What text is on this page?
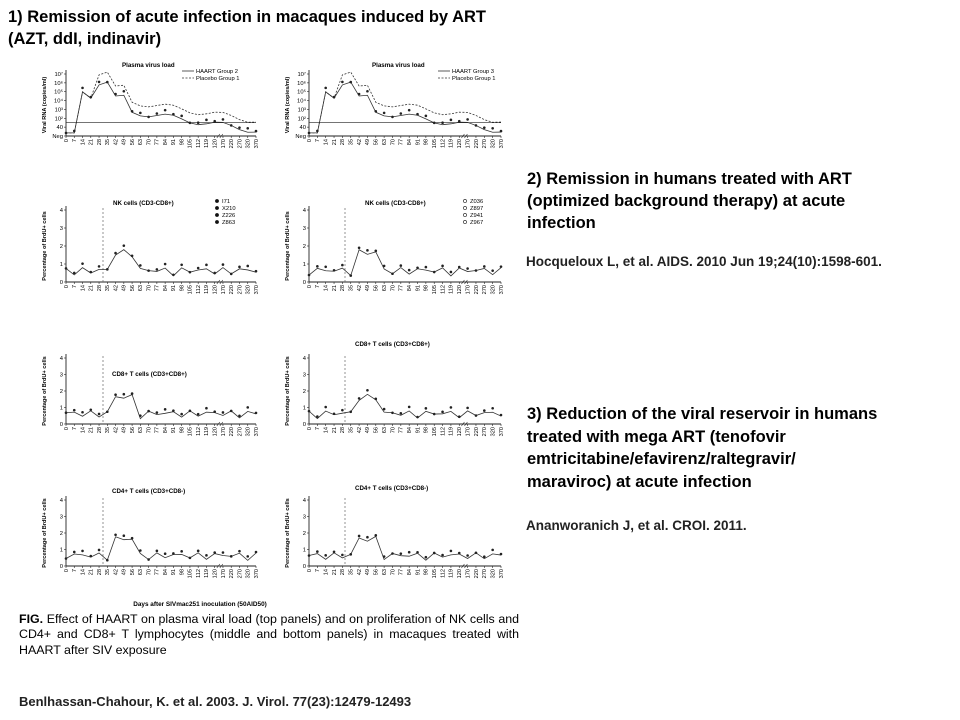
1) Remission of acute infection in macaques induced by ART
(AZT, ddI, indinavir)
2) Remission in humans treated with ART
(optimized background therapy) at acute
infection
Hocqueloux L, et al. AIDS. 2010 Jun 19;24(10):1598-601.
3) Reduction of the viral reservoir in humans
treated with mega ART (tenofovir
emtricitabine/efavirenz/raltegravir/
maraviroc) at acute infection
Ananworanich J, et al. CROI. 2011.
Plasma virus load
0 7 14 21 28 35 42 49 56 63 70 77 84 91 98 105 112 119 120 170 220 270 320 370
Neg
40
10²
10³
10⁴
10⁵
10⁶
10⁷
Viral RNA (copies/ml)
HAART Group 2
Placebo Group 1
Plasma virus load
0 7 14 21 28 35 42 49 56 63 70 77 84 91 98 105 112 119 120 170 220 270 320 370
Neg
40
10²
10³
10⁴
10⁵
10⁶
10⁷
Viral RNA (copies/ml)
HAART Group 3
Placebo Group 1
NK cells (CD3-CD8+)
0 7 14 21 28 35 42 49 56 63 70 77 84 91 98 105 112 119 120 170 220 270 320 370
0
1
2
3
4
Percentage of BrdU+ cells
I71
X210
Z226
Z863
NK cells (CD3-CD8+)
0 7 14 21 28 35 42 49 56 63 70 77 84 91 98 105 112 119 120 170 220 270 320 370
0
1
2
3
4
Percentage of BrdU+ cells
Z036
Z897
Z941
Z967
CD8+ T cells (CD3+CD8+)
0 7 14 21 28 35 42 49 56 63 70 77 84 91 98 105 112 119 120 170 220 270 320 370
0
1
2
3
4
Percentage of BrdU+ cells
CD8+ T cells (CD3+CD8+)
0 7 14 21 28 35 42 49 56 63 70 77 84 91 98 105 112 119 120 170 220 270 320 370
0
1
2
3
4
Percentage of BrdU+ cells
CD4+ T cells (CD3+CD8-)
0 7 14 21 28 35 42 49 56 63 70 77 84 91 98 105 112 119 120 170 220 270 320 370
0
1
2
3
4
Percentage of BrdU+ cells
CD4+ T cells (CD3+CD8-)
0 7 14 21 28 35 42 49 56 63 70 77 84 91 98 105 112 119 120 170 220 270 320 370
0
1
2
3
4
Percentage of BrdU+ cells
Days after SIVmac251 inoculation (50AID50)
FIG. Effect of HAART on plasma viral load (top panels) and on proliferation of NK cells and CD4+ and CD8+ T lymphocytes (middle and bottom panels) in macaques treated with HAART after SIV exposure
Benlhassan-Chahour, K. et al. 2003. J. Virol. 77(23):12479-12493
